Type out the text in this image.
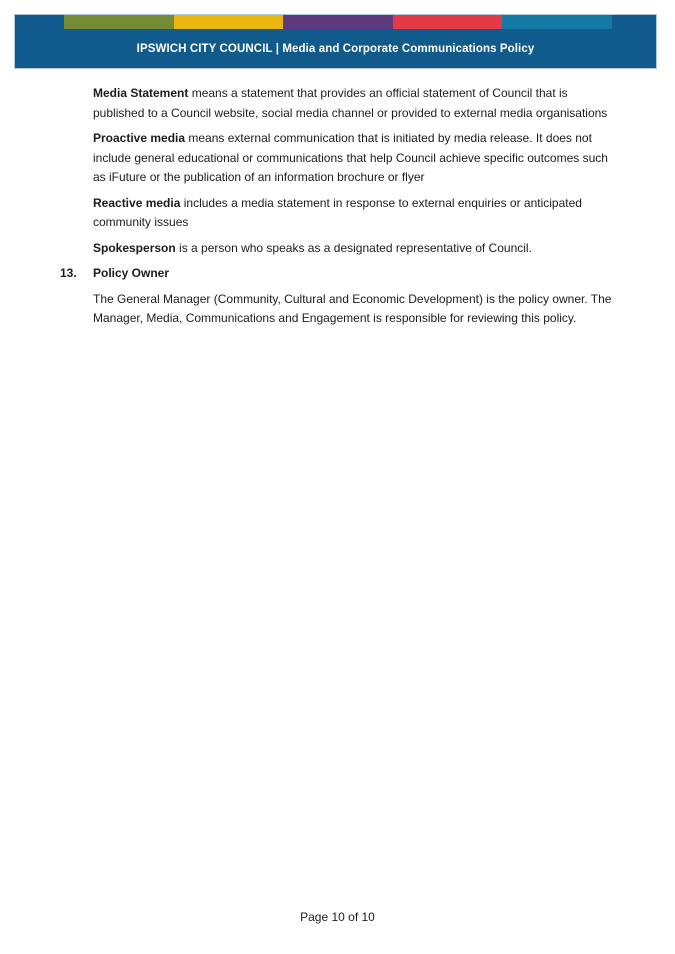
IPSWICH CITY COUNCIL | Media and Corporate Communications Policy

Media Statement means a statement that provides an official statement of Council that is published to a Council website, social media channel or provided to external media organisations

Proactive media means external communication that is initiated by media release. It does not include general educational or communications that help Council achieve specific outcomes such as iFuture or the publication of an information brochure or flyer

Reactive media includes a media statement in response to external enquiries or anticipated community issues

Spokesperson is a person who speaks as a designated representative of Council.

13. Policy Owner

The General Manager (Community, Cultural and Economic Development) is the policy owner. The Manager, Media, Communications and Engagement is responsible for reviewing this policy.

Page 10 of 10
